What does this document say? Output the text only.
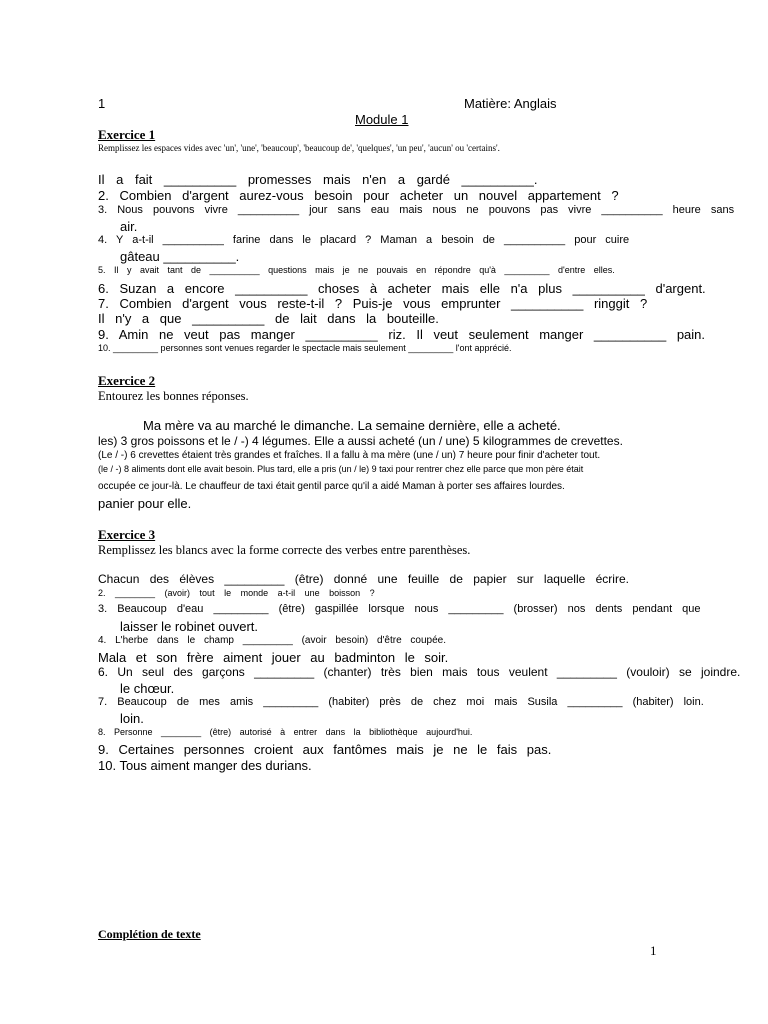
1	Matière: Anglais
Module 1
Exercice 1
Remplissez les espaces vides avec 'un', 'une', 'beaucoup', 'beaucoup de', 'quelques', 'un peu', 'aucun' ou 'certains'.
Il a fait __________ promesses mais n'en a gardé __________.
2. Combien d'argent aurez-vous besoin pour acheter un nouvel appartement ?
3. Nous pouvons vivre __________ jour sans eau mais nous ne pouvons pas vivre __________ heure sans
air.
4. Y a-t-il __________ farine dans le placard ? Maman a besoin de __________ pour cuire
gâteau __________.
5. Il y avait tant de __________ questions mais je ne pouvais en répondre qu'à _________ d'entre elles.
6. Suzan a encore __________ choses à acheter mais elle n'a plus __________ d'argent.
7. Combien d'argent vous reste-t-il ? Puis-je vous emprunter __________ ringgit ?
Il n'y a que __________ de lait dans la bouteille.
9. Amin ne veut pas manger __________ riz. Il veut seulement manger __________ pain.
10. _________ personnes sont venues regarder le spectacle mais seulement _________ l'ont apprécié.
Exercice 2
Entourez les bonnes réponses.
Ma mère va au marché le dimanche. La semaine dernière, elle a acheté.
les) 3 gros poissons et le / -) 4 légumes. Elle a aussi acheté (un / une) 5 kilogrammes de crevettes.
(Le / -) 6 crevettes étaient très grandes et fraîches. Il a fallu à ma mère (une / un) 7 heure pour finir d'acheter tout.
(le / -) 8 aliments dont elle avait besoin. Plus tard, elle a pris (un / le) 9 taxi pour rentrer chez elle parce que mon père était
occupée ce jour-là. Le chauffeur de taxi était gentil parce qu'il a aidé Maman à porter ses affaires lourdes.
panier pour elle.
Exercice 3
Remplissez les blancs avec la forme correcte des verbes entre parenthèses.
Chacun des élèves _________ (être) donné une feuille de papier sur laquelle écrire.
2. ________ (avoir) tout le monde a-t-il une boisson ?
3. Beaucoup d'eau _________ (être) gaspillée lorsque nous _________ (brosser) nos dents pendant que
laisser le robinet ouvert.
4. L'herbe dans le champ _________ (avoir besoin) d'être coupée.
Mala et son frère aiment jouer au badminton le soir.
6. Un seul des garçons _________ (chanter) très bien mais tous veulent _________ (vouloir) se joindre.
le chœur.
7. Beaucoup de mes amis _________ (habiter) près de chez moi mais Susila _________ (habiter) loin.
loin.
8. Personne ________ (être) autorisé à entrer dans la bibliothèque aujourd'hui.
9. Certaines personnes croient aux fantômes mais je ne le fais pas.
10. Tous aiment manger des durians.
Complétion de texte
1
